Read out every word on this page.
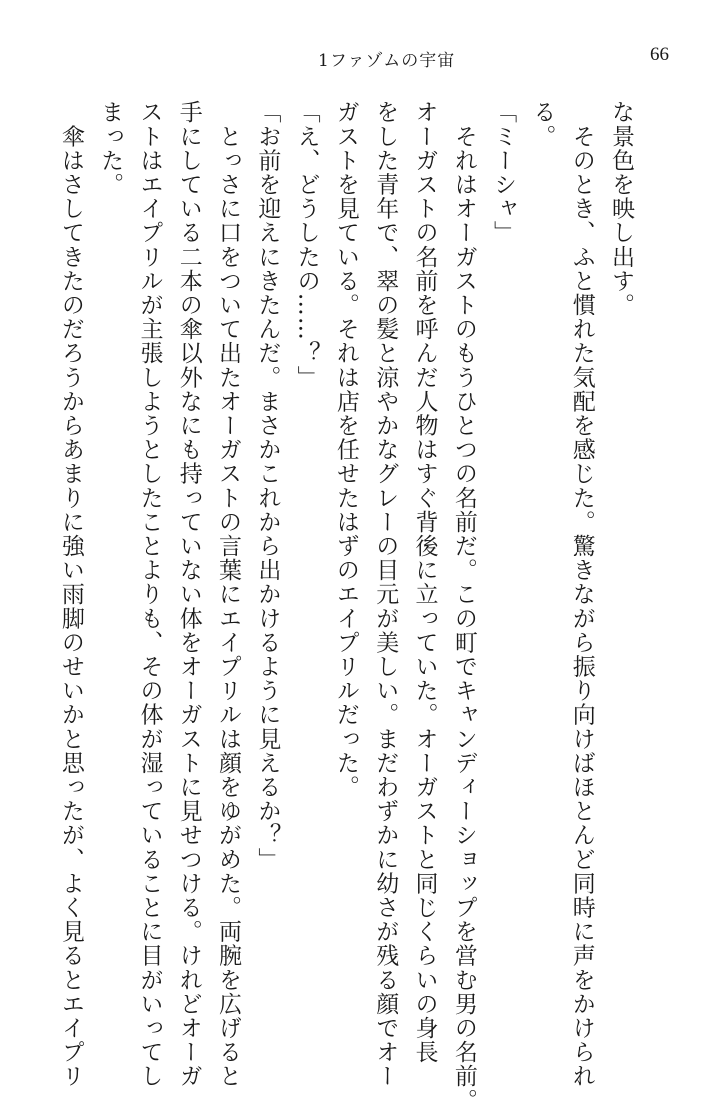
1ファゾムの宇宙	66
な景色を映し出す。
　そのとき、ふと慣れた気配を感じた。驚きながら振り向けばほとんど同時に声をかけられ
る。
「ミーシャ」
　それはオーガストのもうひとつの名前だ。この町でキャンディーショップを営む男の名前。
オーガストの名前を呼んだ人物はすぐ背後に立っていた。オーガストと同じくらいの身長
をした青年で、翠の髪と涼やかなグレーの目元が美しい。まだわずかに幼さが残る顔でオー
ガストを見ている。それは店を任せたはずのエイプリルだった。
「え、どうしたの……？」
「お前を迎えにきたんだ。まさかこれから出かけるように見えるか？」
　とっさに口をついて出たオーガストの言葉にエイプリルは顔をゆがめた。両腕を広げると
手にしている二本の傘以外なにも持っていない体をオーガストに見せつける。けれどオーガ
ストはエイプリルが主張しようとしたことよりも、その体が湿っていることに目がいってし
まった。
　傘はさしてきたのだろうからあまりに強い雨脚のせいかと思ったが、よく見るとエイプリ
